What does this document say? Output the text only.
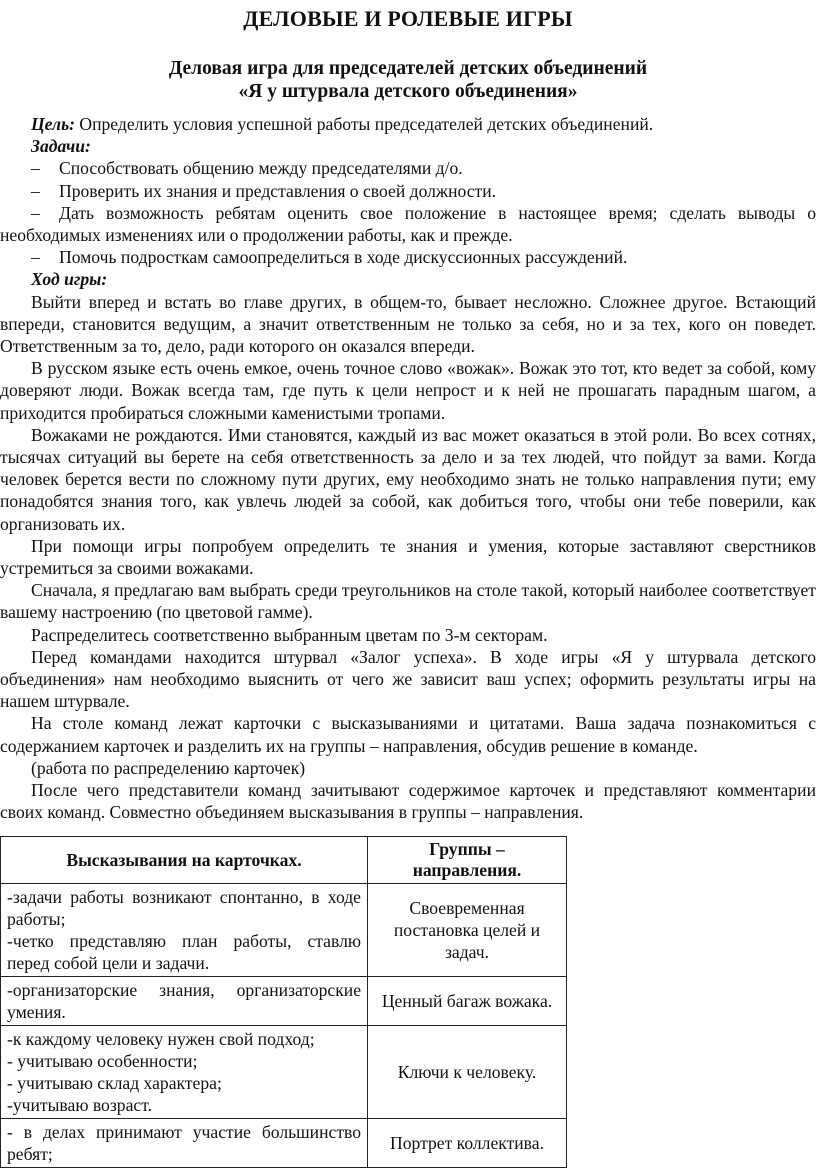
ДЕЛОВЫЕ И РОЛЕВЫЕ ИГРЫ
Деловая игра для председателей детских объединений
«Я у штурвала детского объединения»

Цель: Определить условия успешной работы председателей детских объединений.

Задачи:

– Способствовать общению между председателями д/о.

– Проверить их знания и представления о своей должности.

– Дать возможность ребятам оценить свое положение в настоящее время; сделать выводы о необходимых изменениях или о продолжении работы, как и прежде.

– Помочь подросткам самоопределиться в ходе дискуссионных рассуждений.

Ход игры:

Выйти вперед и встать во главе других, в общем-то, бывает несложно. Сложнее другое. Встающий впереди, становится ведущим, а значит ответственным не только за себя, но и за тех, кого он поведет. Ответственным за то, дело, ради которого он оказался впереди.

В русском языке есть очень емкое, очень точное слово «вожак». Вожак это тот, кто ведет за собой, кому доверяют люди. Вожак всегда там, где путь к цели непрост и к ней не прошагать парадным шагом, а приходится пробираться сложными каменистыми тропами.

Вожаками не рождаются. Ими становятся, каждый из вас может оказаться в этой роли. Во всех сотнях, тысячах ситуаций вы берете на себя ответственность за дело и за тех людей, что пойдут за вами. Когда человек берется вести по сложному пути других, ему необходимо знать не только направления пути; ему понадобятся знания того, как увлечь людей за собой, как добиться того, чтобы они тебе поверили, как организовать их.

При помощи игры попробуем определить те знания и умения, которые заставляют сверстников устремиться за своими вожаками.

Сначала, я предлагаю вам выбрать среди треугольников на столе такой, который наиболее соответствует вашему настроению (по цветовой гамме).

Распределитесь соответственно выбранным цветам по 3-м секторам.

Перед командами находится штурвал «Залог успеха». В ходе игры «Я у штурвала детского объединения» нам необходимо выяснить от чего же зависит ваш успех; оформить результаты игры на нашем штурвале.

На столе команд лежат карточки с высказываниями и цитатами. Ваша задача познакомиться с содержанием карточек и разделить их на группы – направления, обсудив решение в команде.

(работа по распределению карточек)

После чего представители команд зачитывают содержимое карточек и представляют комментарии своих команд. Совместно объединяем высказывания в группы – направления.

Высказывания на карточках.	Группы –
направления.

-задачи работы возникают спонтанно, в ходе работы;
-четко представляю план работы, ставлю перед собой цели и задачи.	Своевременная постановка целей и задач.

-организаторские знания, организаторские умения.	Ценный багаж вожака.

-к каждому человеку нужен свой подход;
- учитываю особенности;
- учитываю склад характера;
-учитываю возраст.	Ключи к человеку.

- в делах принимают участие большинство ребят;	Портрет коллектива.
